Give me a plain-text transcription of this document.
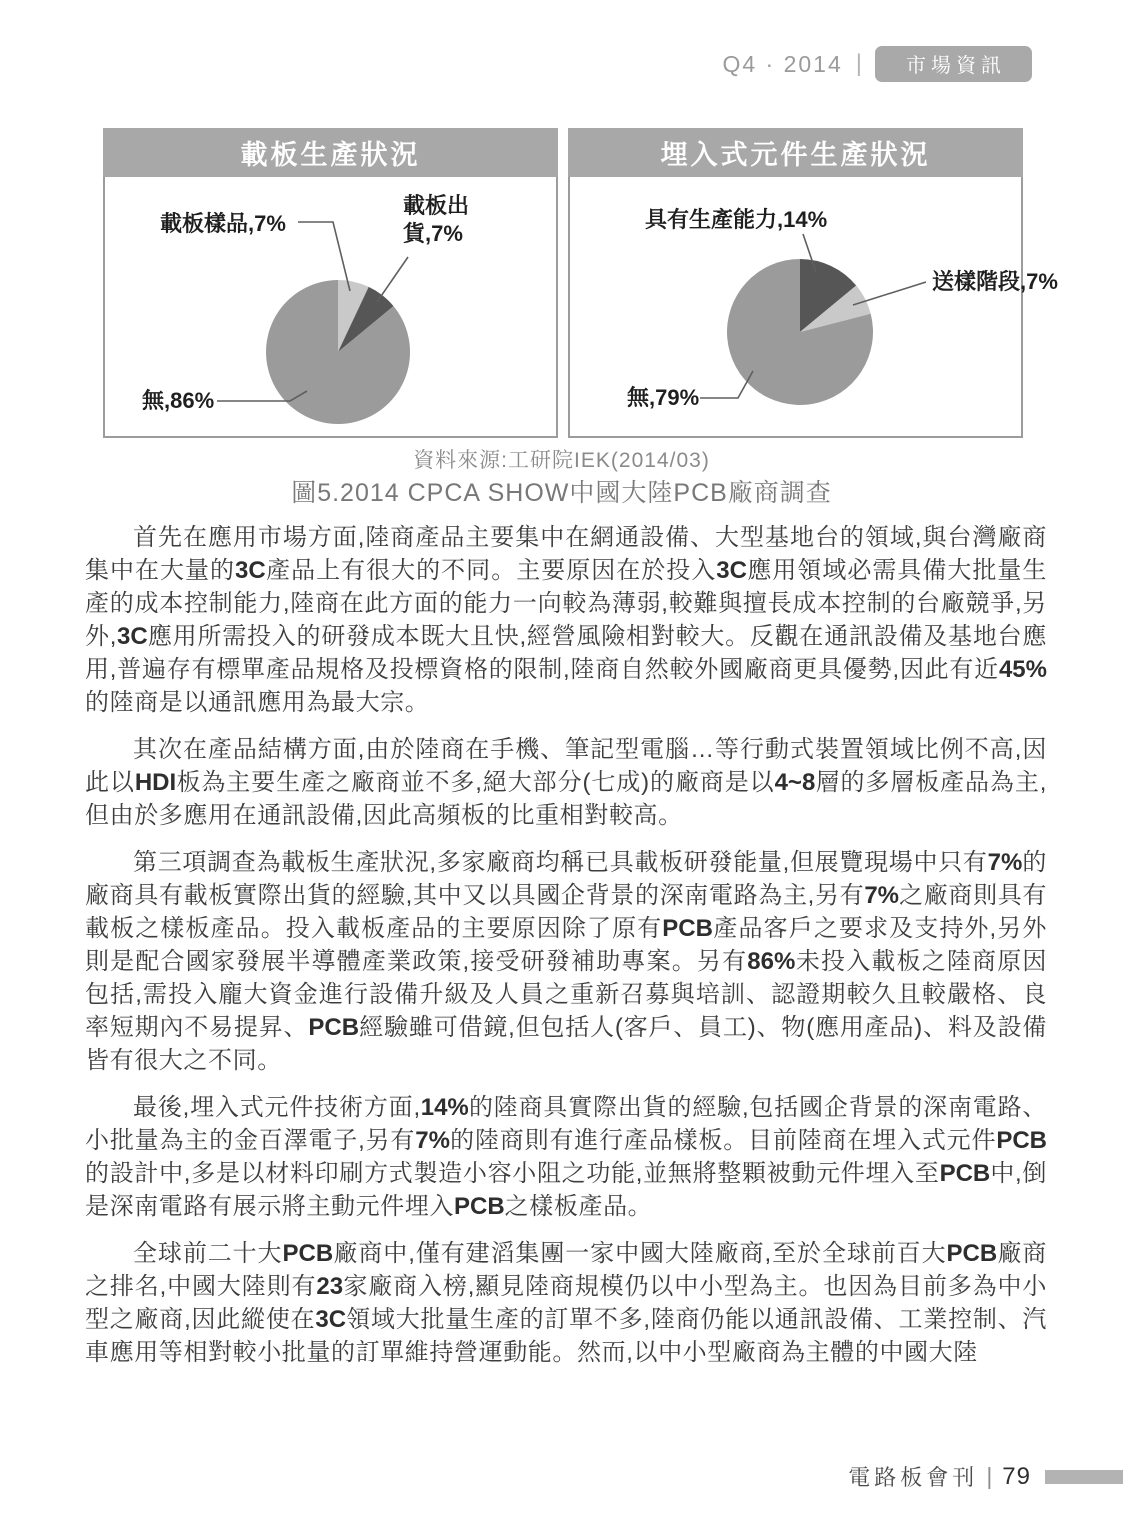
Q4 · 2014 |	市場資訊
載板生產狀況
載板樣品,7%
載板出貨,7%
無,86%
埋入式元件生產狀況
具有生產能力,14%
送樣階段,7%
無,79%
資料來源:工研院IEK(2014/03)
圖5.2014 CPCA SHOW中國大陸PCB廠商調查

首先在應用市場方面,陸商產品主要集中在網通設備、大型基地台的領域,與台灣廠商集中在大量的3C產品上有很大的不同。主要原因在於投入3C應用領域必需具備大批量生產的成本控制能力,陸商在此方面的能力一向較為薄弱,較難與擅長成本控制的台廠競爭,另外,3C應用所需投入的研發成本既大且快,經營風險相對較大。反觀在通訊設備及基地台應用,普遍存有標單產品規格及投標資格的限制,陸商自然較外國廠商更具優勢,因此有近45%的陸商是以通訊應用為最大宗。

其次在產品結構方面,由於陸商在手機、筆記型電腦…等行動式裝置領域比例不高,因此以HDI板為主要生產之廠商並不多,絕大部分(七成)的廠商是以4~8層的多層板產品為主,但由於多應用在通訊設備,因此高頻板的比重相對較高。

第三項調查為載板生產狀況,多家廠商均稱已具載板研發能量,但展覽現場中只有7%的廠商具有載板實際出貨的經驗,其中又以具國企背景的深南電路為主,另有7%之廠商則具有載板之樣板產品。投入載板產品的主要原因除了原有PCB產品客戶之要求及支持外,另外則是配合國家發展半導體產業政策,接受研發補助專案。另有86%未投入載板之陸商原因包括,需投入龐大資金進行設備升級及人員之重新召募與培訓、認證期較久且較嚴格、良率短期內不易提昇、PCB經驗雖可借鏡,但包括人(客戶、員工)、物(應用產品)、料及設備皆有很大之不同。

最後,埋入式元件技術方面,14%的陸商具實際出貨的經驗,包括國企背景的深南電路、小批量為主的金百澤電子,另有7%的陸商則有進行產品樣板。目前陸商在埋入式元件PCB的設計中,多是以材料印刷方式製造小容小阻之功能,並無將整顆被動元件埋入至PCB中,倒是深南電路有展示將主動元件埋入PCB之樣板產品。

全球前二十大PCB廠商中,僅有建滔集團一家中國大陸廠商,至於全球前百大PCB廠商之排名,中國大陸則有23家廠商入榜,顯見陸商規模仍以中小型為主。也因為目前多為中小型之廠商,因此縱使在3C領域大批量生產的訂單不多,陸商仍能以通訊設備、工業控制、汽車應用等相對較小批量的訂單維持營運動能。然而,以中小型廠商為主體的中國大陸

電路板會刊 | 79
